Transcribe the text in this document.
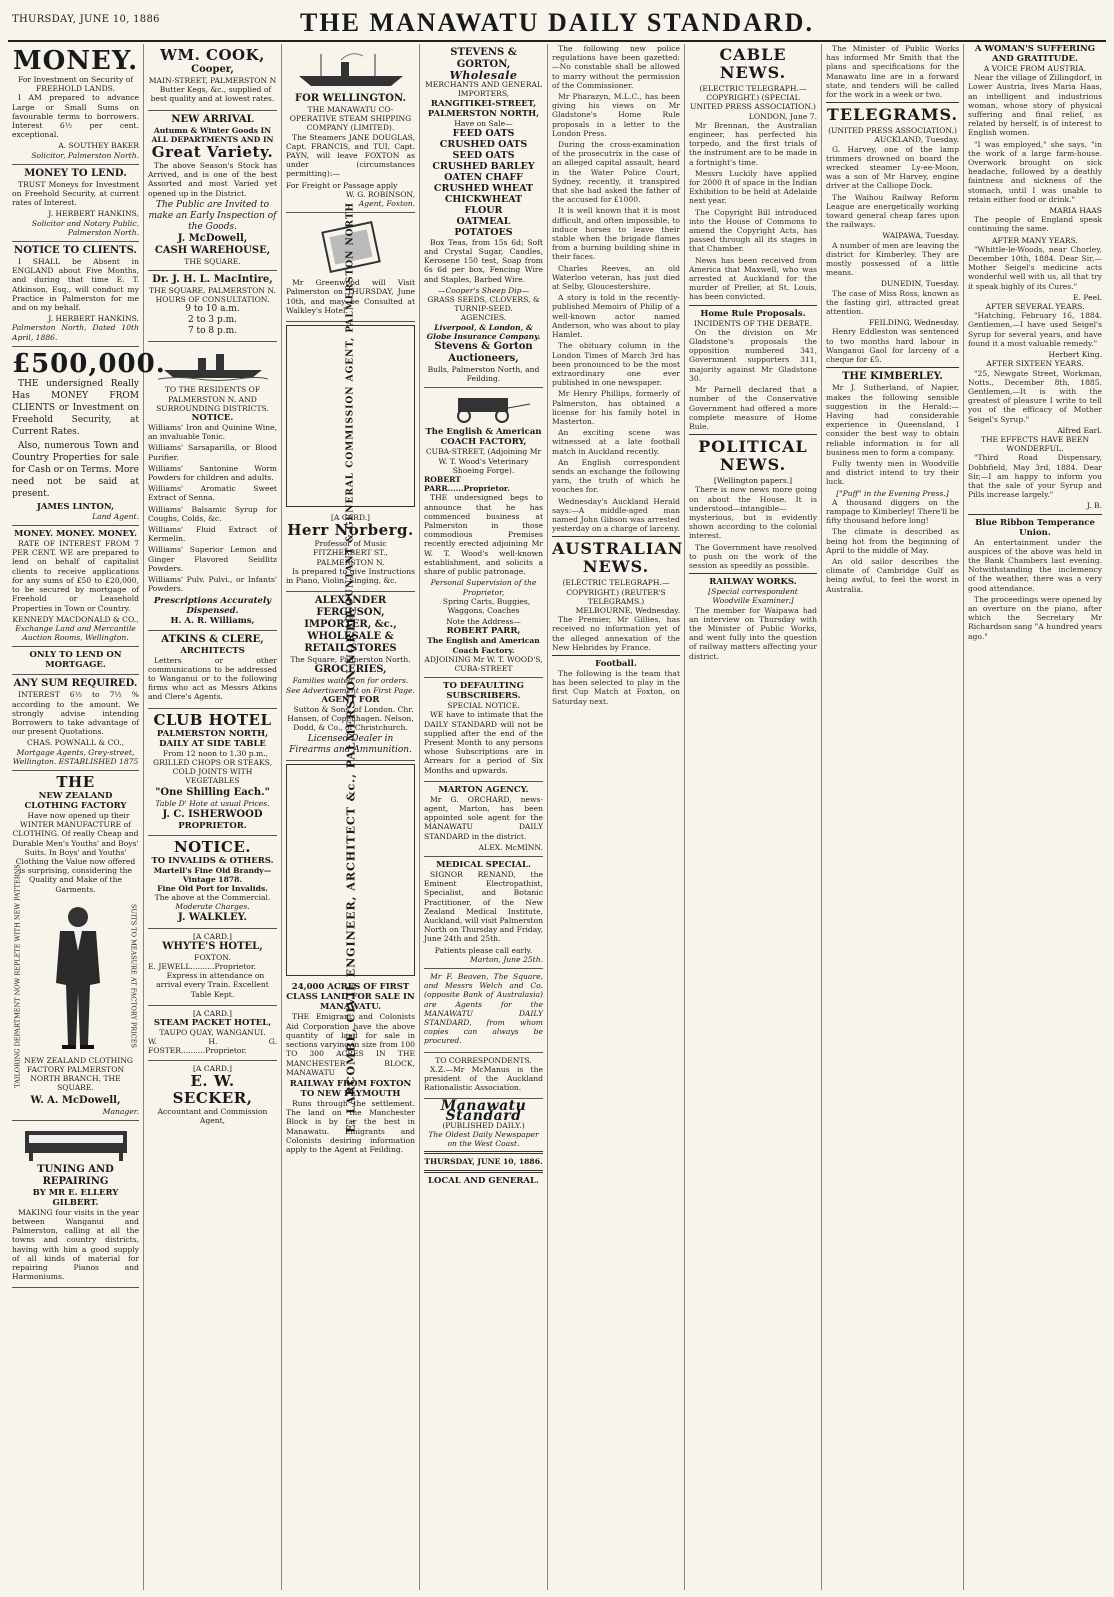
THURSDAY, JUNE 10, 1886	THE MANAWATU DAILY STANDARD.
MONEY.
For Investment on Security of FREEHOLD LANDS.

I AM prepared to advance Large or Small Sums on favourable terms to borrowers. Interest 6½ per cent. exceptional.

A. SOUTHEY BAKER
Solicitor, Palmerston North.
MONEY TO LEND.

TRUST Moneys for Investment on Freehold Security, at current rates of Interest.

J. HERBERT HANKINS,
Solicitor and Notary Public, Palmerston North.
NOTICE TO CLIENTS.

I SHALL be Absent in ENGLAND about Five Months, and during that time E. T. Atkinson, Esq., will conduct my Practice in Palmerston for me and on my behalf.

J. HERBERT HANKINS.
Palmerston North, Dated 10th April, 1886.
£500,000.

THE undersigned Really Has MONEY FROM CLIENTS or Investment on Freehold Security, at Current Rates.

Also, numerous Town and Country Properties for sale for Cash or on Terms. More need not be said at present.

JAMES LINTON,
Land Agent.
MONEY. MONEY. MONEY.

RATE OF INTEREST FROM 7 PER CENT. WE are prepared to lend on behalf of capitalist clients to receive applications for any sums of £50 to £20,000, to be secured by mortgage of Freehold or Leasehold Properties in Town or Country.

KENNEDY MACDONALD & CO.,
Exchange Land and Mercantile Auction Rooms, Wellington.
ONLY TO LEND ON MORTGAGE.
ANY SUM REQUIRED.

INTEREST 6½ to 7½ % according to the amount. We strongly advise intending Borrowers to take advantage of our present Quotations.

CHAS. POWNALL & CO.,
Mortgage Agents, Grey-street, Wellington. ESTABLISHED 1875
THE
NEW ZEALAND CLOTHING FACTORY

Have now opened up their WINTER MANUFACTURE of CLOTHING. Of really Cheap and Durable Men's Youths' and Boys' Suits. In Boys' and Youths' Clothing the Value now offered is surprising, considering the Quality and Make of the Garments.

TAILORING DEPARTMENT NOW REPLETE WITH NEW PATTERNS	SUITS TO MEASURE AT FACTORY PRICES

NEW ZEALAND CLOTHING FACTORY PALMERSTON NORTH BRANCH, THE SQUARE.

W. A. McDowell,
Manager.
TUNING AND REPAIRING
BY MR E. ELLERY GILBERT.

MAKING four visits in the year between Wanganui and Palmerston, calling at all the towns and country districts, having with him a good supply of all kinds of material for repairing Pianos and Harmoniums.

WM. COOK,
Cooper,
MAIN-STREET, PALMERSTON N

Butter Kegs, &c., supplied of best quality and at lowest rates.

NEW ARRIVAL
Autumn & Winter Goods IN ALL DEPARTMENTS AND IN
Great Variety.

The above Season's Stock has Arrived, and is one of the best Assorted and most Varied yet opened up in the District.

The Public are Invited to make an Early Inspection of the Goods.
J. McDowell,
CASH WAREHOUSE,
THE SQUARE.
Dr. J. H. L. MacIntire,
THE SQUARE, PALMERSTON N.
HOURS OF CONSULTATION.
9 to 10 a.m.
2 to 3 p.m.
7 to 8 p.m.
TO THE RESIDENTS OF PALMERSTON N. AND SURROUNDING DISTRICTS.
NOTICE.

Williams' Iron and Quinine Wine, an invaluable Tonic.

Williams' Sarsaparilla, or Blood Purifier.

Williams' Santonine Worm Powders for children and adults.

Williams' Aromatic Sweet Extract of Senna.

Williams' Balsamic Syrup for Coughs, Colds, &c.

Williams' Fluid Extract of Kermelin.

Williams' Superior Lemon and Ginger Flavored Seidlitz Powders.

Williams' Pulv. Pulvi., or Infants' Powders.

Prescriptions Accurately Dispensed.
H. A. R. Williams,
ATKINS & CLERE,
ARCHITECTS

Letters or other communications to be addressed to Wanganui or to the following firms who act as Messrs Atkins and Clere's Agents.

CLUB HOTEL
PALMERSTON NORTH, DAILY AT SIDE TABLE

From 12 noon to 1.30 p.m., GRILLED CHOPS OR STEAKS, COLD JOINTS WITH VEGETABLES

"One Shilling Each."
Table D' Hote at usual Prices.
J. C. ISHERWOOD
PROPRIETOR.
NOTICE.
TO INVALIDS & OTHERS.
Martell's Fine Old Brandy— Vintage 1878.
Fine Old Port for Invalids.
The above at the Commercial.
Moderate Charges.
J. WALKLEY.
[A CARD.]
WHYTE'S HOTEL,
FOXTON.
E. JEWELL..........Proprietor.

Express in attendance on arrival every Train. Excellent Table Kept.

[A CARD.]
STEAM PACKET HOTEL,
TAUPO QUAY, WANGANUI.
W. H. G. FOSTER..........Proprietor.
[A CARD.]
E. W. SECKER,
Accountant and Commission Agent,
FOR WELLINGTON.
THE MANAWATU CO-OPERATIVE STEAM SHIPPING COMPANY (LIMITED).

The Steamers JANE DOUGLAS, Capt. FRANCIS, and TUI, Capt. PAYN, will leave FOXTON as under (circumstances permitting):—

For Freight or Passage apply
W. G. ROBINSON,
Agent, Foxton.

Mr Greenwood will Visit Palmerston on THURSDAY, June 10th, and may be Consulted at Walkley's Hotel.

ACCOUNTANT & GENERAL COMMISSION AGENT, PALMERSTON NORTH
[A CARD.]
Herr Norberg.
Professor of Music
FITZHERBERT ST., PALMERSTON N.

Is prepared to give Instructions in Piano, Violin, Singing, &c.

ALEXANDER FERGUSON,
IMPORTER, &c.,
WHOLESALE & RETAIL STORES
The Square, Palmerston North.
GROCERIES,
Families waited on for orders.
See Advertisement on First Page.
AGENT FOR

Sutton & Sons, of London. Chr. Hansen, of Copenhagen. Nelson, Dodd, & Co., of Christchurch.

Licensed Dealer in Firearms and Ammunition.
E. LARCOMBE, CIVIL ENGINEER, ARCHITECT &c., PALMERSTON NORTH.
24,000 ACRES OF FIRST CLASS LAND FOR SALE IN MANAWATU.

THE Emigrant and Colonists Aid Corporation have the above quantity of land for sale in sections varying in size from 100 TO 300 ACRES IN THE MANCHESTER BLOCK, MANAWATU

RAILWAY FROM FOXTON TO NEW PLYMOUTH

Runs through the settlement. The land on the Manchester Block is by far the best in Manawatu. Emigrants and Colonists desiring information apply to the Agent at Feilding.

STEVENS & GORTON,
Wholesale
MERCHANTS AND GENERAL IMPORTERS,
RANGITIKEI-STREET, PALMERSTON NORTH,
Have on Sale—
FEED OATS
CRUSHED OATS
SEED OATS
CRUSHED BARLEY
OATEN CHAFF
CRUSHED WHEAT
CHICKWHEAT
FLOUR
OATMEAL
POTATOES

Box Teas, from 15s 6d; Soft and Crystal Sugar, Candles, Kerosene 150 test, Soap from 6s 6d per box, Fencing Wire and Staples, Barbed Wire.

—Cooper's Sheep Dip—
GRASS SEEDS, CLOVERS, & TURNIP-SEED.
AGENCIES.
Liverpool, & London, & Globe Insurance Company.
Stevens & Gorton Auctioneers,
Bulls, Palmerston North, and Feilding.
The English & American COACH FACTORY,
CUBA-STREET, (Adjoining Mr W. T. Wood's Veterinary Shoeing Forge).
ROBERT PARR......Proprietor.

THE undersigned begs to announce that he has commenced business at Palmerston in those commodious Premises recently erected adjoining Mr W. T. Wood's well-known establishment, and solicits a share of public patronage.

Personal Supervision of the Proprietor,

Spring Carts, Buggies, Waggons, Coaches

Note the Address—
ROBERT PARR,
The English and American Coach Factory.
ADJOINING Mr W. T. WOOD'S, CUBA-STREET
TO DEFAULTING SUBSCRIBERS.
SPECIAL NOTICE.

WE have to intimate that the DAILY STANDARD will not be supplied after the end of the Present Month to any persons whose Subscriptions are in Arrears for a period of Six Months and upwards.

MARTON AGENCY.

Mr G. ORCHARD, news-agent, Marton, has been appointed sole agent for the MANAWATU DAILY STANDARD in the district.

ALEX. McMINN.
MEDICAL SPECIAL.

SIGNOR RENAND, the Eminent Electropathist, Specialist, and Botanic Practitioner, of the New Zealand Medical Institute, Auckland, will visit Palmerston North on Thursday and Friday, June 24th and 25th.

Patients please call early.
Marton, June 25th.

Mr F. Beaven, The Square, and Messrs Welch and Co. (opposite Bank of Australasia) are Agents for the MANAWATU DAILY STANDARD, from whom copies can always be procured.

TO CORRESPONDENTS.

X.Z.—Mr McManus is the president of the Auckland Rationalistic Association.

Manawatu Standard
(PUBLISHED DAILY.)
The Oldest Daily Newspaper on the West Coast.
THURSDAY, JUNE 10, 1886.
LOCAL AND GENERAL.

The following new police regulations have been gazetted:—No constable shall be allowed to marry without the permission of the Commissioner.

Mr Pharazyn, M.L.C., has been giving his views on Mr Gladstone's Home Rule proposals in a letter to the London Press.

During the cross-examination of the prosecutrix in the case of an alleged capital assault, heard in the Water Police Court, Sydney, recently, it transpired that she had asked the father of the accused for £1000.

It is well known that it is most difficult, and often impossible, to induce horses to leave their stable when the brigade flames from a burning building shine in their faces.

Charles Reeves, an old Waterloo veteran, has just died at Selby, Gloucestershire.

A story is told in the recently-published Memoirs of Philip of a well-known actor named Anderson, who was about to play Hamlet.

The obituary column in the London Times of March 3rd has been pronounced to be the most extraordinary one ever published in one newspaper.

Mr Henry Phillips, formerly of Palmerston, has obtained a license for his family hotel in Masterton.

An exciting scene was witnessed at a late football match in Auckland recently.

An English correspondent sends an exchange the following yarn, the truth of which he vouches for.

Wednesday's Auckland Herald says:—A middle-aged man named John Gibson was arrested yesterday on a charge of larceny.

AUSTRALIAN NEWS.
(ELECTRIC TELEGRAPH.—COPYRIGHT.) (REUTER'S TELEGRAMS.)
MELBOURNE, Wednesday.

The Premier, Mr Gillies, has received no information yet of the alleged annexation of the New Hebrides by France.

Football.

The following is the team that has been selected to play in the first Cup Match at Foxton, on Saturday next.

CABLE NEWS.
(ELECTRIC TELEGRAPH.—COPYRIGHT.) (SPECIAL UNITED PRESS ASSOCIATION.)
LONDON, June 7.

Mr Brennan, the Australian engineer, has perfected his torpedo, and the first trials of the instrument are to be made in a fortnight's time.

Messrs Luckily have applied for 2000 ft of space in the Indian Exhibition to be held at Adelaide next year.

The Copyright Bill introduced into the House of Commons to amend the Copyright Acts, has passed through all its stages in that Chamber.

News has been received from America that Maxwell, who was arrested at Auckland for the murder of Preller, at St. Louis, has been convicted.

Home Rule Proposals.
INCIDENTS OF THE DEBATE.

On the division on Mr Gladstone's proposals the opposition numbered 341, Government supporters 311, majority against Mr Gladstone 30.

Mr Parnell declared that a number of the Conservative Government had offered a more complete measure of Home Rule.

POLITICAL NEWS.
[Wellington papers.]

There is now news more going on about the House. It is understood—intangible—mysterious, but is evidently shown according to the colonial interest.

The Government have resolved to push on the work of the session as speedily as possible.

RAILWAY WORKS.
[Special correspondent Woodville Examiner.]

The member for Waipawa had an interview on Thursday with the Minister of Public Works, and went fully into the question of railway matters affecting your district.

The Minister of Public Works has informed Mr Smith that the plans and specifications for the Manawatu line are in a forward state, and tenders will be called for the work in a week or two.

TELEGRAMS.
(UNITED PRESS ASSOCIATION.)
AUCKLAND, Tuesday.

G. Harvey, one of the lamp trimmers drowned on board the wrecked steamer Ly-ee-Moon, was a son of Mr Harvey, engine driver at the Calliope Dock.

The Waihou Railway Reform League are energetically working toward general cheap fares upon the railways.

WAIPAWA, Tuesday.

A number of men are leaving the district for Kimberley. They are mostly possessed of a little means.

DUNEDIN, Tuesday.

The case of Miss Ross, known as the fasting girl, attracted great attention.

FEILDING, Wednesday.

Henry Eddleston was sentenced to two months hard labour in Wanganui Gaol for larceny of a cheque for £5.

THE KIMBERLEY.

Mr J. Sutherland, of Napier, makes the following sensible suggestion in the Herald:—Having had considerable experience in Queensland, I consider the best way to obtain reliable information is for all business men to form a company.

Fully twenty men in Woodville and district intend to try their luck.

["Puff" in the Evening Press.]

A thousand diggers on the rampage to Kimberley! There'll be fifty thousand before long!

The climate is described as being hot from the beginning of April to the middle of May.

An old sailor describes the climate of Cambridge Gulf as being awful, to feel the worst in Australia.

A WOMAN'S SUFFERING AND GRATITUDE.
A VOICE FROM AUSTRIA.

Near the village of Zillingdorf, in Lower Austria, lives Maria Haas, an intelligent and industrious woman, whose story of physical suffering and final relief, as related by herself, is of interest to English women.

"I was employed," she says, "in the work of a large farm-house. Overwork brought on sick headache, followed by a deathly faintness and sickness of the stomach, until I was unable to retain either food or drink."

MARIA HAAS

The people of England speak continuing the same.

AFTER MANY YEARS.

"Whittle-le-Woods, near Chorley, December 10th, 1884. Dear Sir,—Mother Seigel's medicine acts wonderful well with us, all that try it speak highly of its Cures."

E. Peel.
AFTER SEVERAL YEARS.

"Hatching, February 16, 1884. Gentlemen,—I have used Seigel's Syrup for several years, and have found it a most valuable remedy."

Herbert King.
AFTER SIXTEEN YEARS.

"25, Newgate Street, Workman, Notts., December 8th, 1885. Gentlemen,—It is with the greatest of pleasure I write to tell you of the efficacy of Mother Seigel's Syrup."

Alfred Earl.
THE EFFECTS HAVE BEEN WONDERFUL.

"Third Road Dispensary, Dobbfield, May 3rd, 1884. Dear Sir,—I am happy to inform you that the sale of your Syrup and Pills increase largely."

J. B.
Blue Ribbon Temperance Union.

An entertainment under the auspices of the above was held in the Bank Chambers last evening. Notwithstanding the inclemency of the weather, there was a very good attendance.

The proceedings were opened by an overture on the piano, after which the Secretary Mr Richardson sang "A hundred years ago."
